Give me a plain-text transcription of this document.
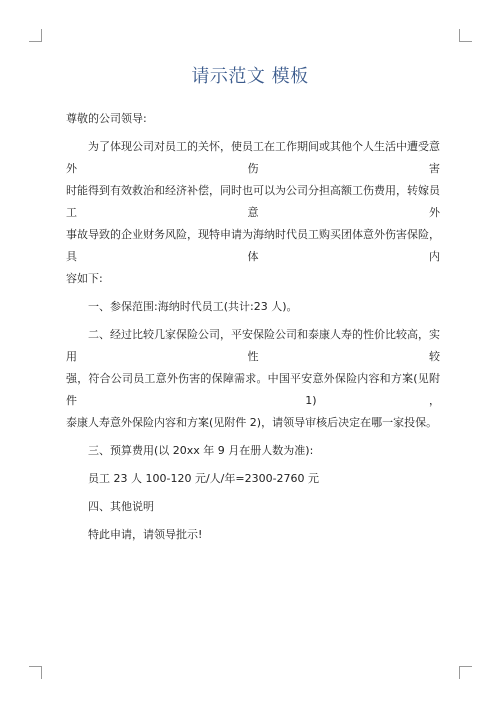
请示范文 模板

尊敬的公司领导:

为了体现公司对员工的关怀，使员工在工作期间或其他个人生活中遭受意外伤害

时能得到有效救治和经济补偿，同时也可以为公司分担高额工伤费用，转嫁员工意外

事故导致的企业财务风险，现特申请为海纳时代员工购买团体意外伤害保险，具体内

容如下:

一、参保范围:海纳时代员工(共计:23 人)。

二、经过比较几家保险公司，平安保险公司和泰康人寿的性价比较高，实用性较

强，符合公司员工意外伤害的保障需求。中国平安意外保险内容和方案(见附件 1)，

泰康人寿意外保险内容和方案(见附件 2)，请领导审核后决定在哪一家投保。

三、预算费用(以 20xx 年 9 月在册人数为准):

员工 23 人 100-120 元/人/年=2300-2760 元

四、其他说明

特此申请，请领导批示!
